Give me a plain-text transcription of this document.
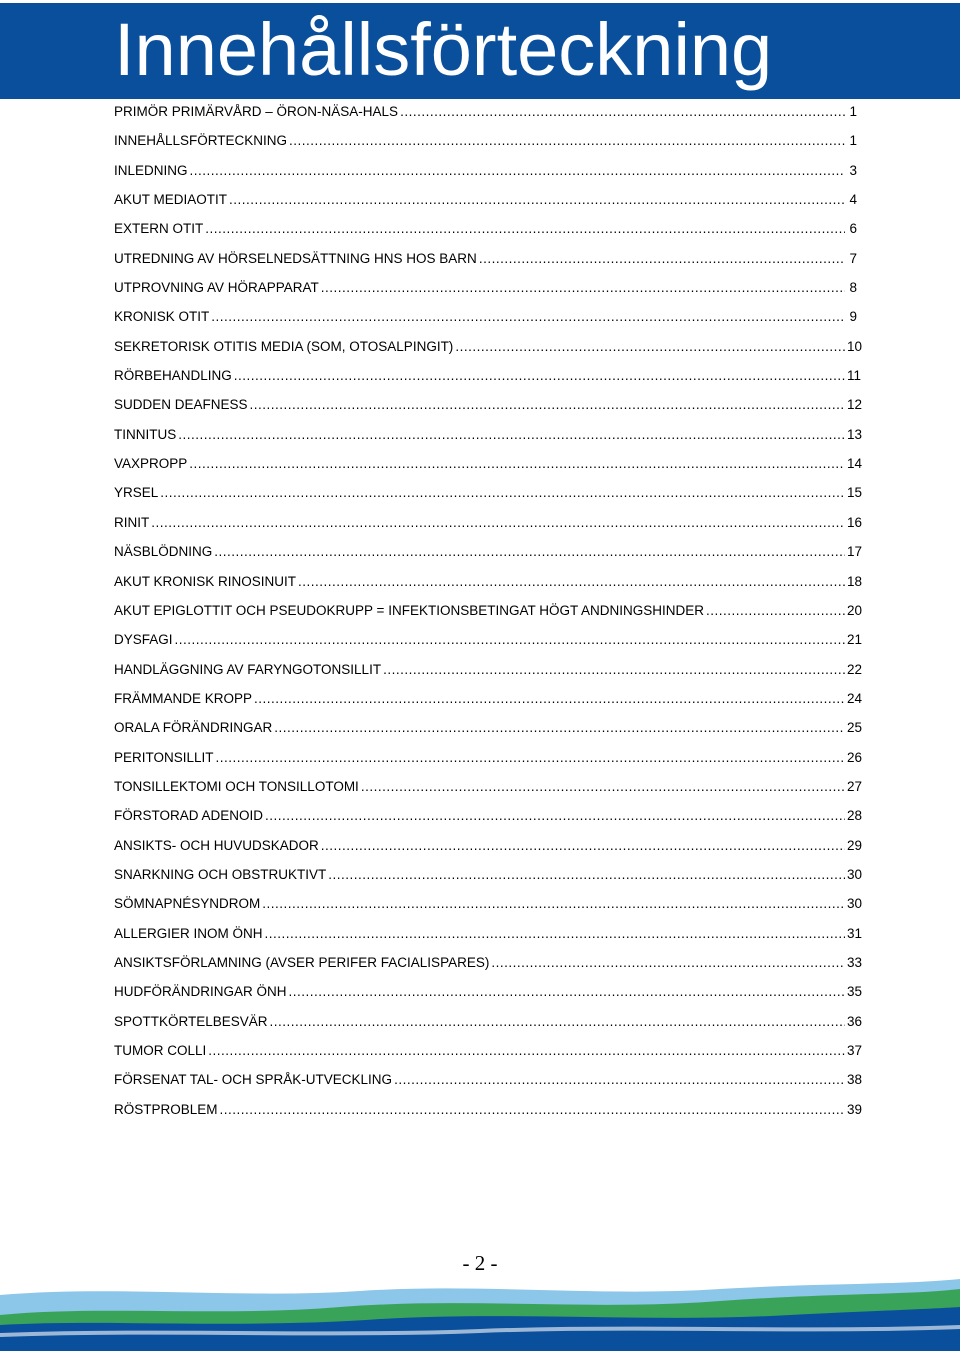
Innehållsförteckning
PRIMÖR PRIMÄRVÅRD – ÖRON-NÄSA-HALS .....	1
INNEHÅLLSFÖRTECKNING .....	1
INLEDNING .....	3
AKUT MEDIAOTIT .....	4
EXTERN OTIT .....	6
UTREDNING AV HÖRSELNEDSÄTTNING HNS HOS BARN .....	7
UTPROVNING AV HÖRAPPARAT .....	8
KRONISK OTIT .....	9
SEKRETORISK OTITIS MEDIA (SOM, OTOSALPINGIT) .....	10
RÖRBEHANDLING .....	11
SUDDEN DEAFNESS .....	12
TINNITUS .....	13
VAXPROPP .....	14
YRSEL .....	15
RINIT .....	16
NÄSBLÖDNING .....	17
AKUT KRONISK RINOSINUIT .....	18
AKUT EPIGLOTTIT OCH PSEUDOKRUPP = INFEKTIONSBETINGAT HÖGT ANDNINGSHINDER .....	20
DYSFAGI .....	21
HANDLÄGGNING AV FARYNGOTONSILLIT .....	22
FRÄMMANDE KROPP .....	24
ORALA FÖRÄNDRINGAR .....	25
PERITONSILLIT .....	26
TONSILLEKTOMI OCH TONSILLOTOMI .....	27
FÖRSTORAD ADENOID .....	28
ANSIKTS- OCH HUVUDSKADOR .....	29
SNARKNING OCH OBSTRUKTIVT .....	30
SÖMNAPNÉSYNDROM .....	30
ALLERGIER INOM ÖNH .....	31
ANSIKTSFÖRLAMNING (AVSER PERIFER FACIALISPARES) .....	33
HUDFÖRÄNDRINGAR ÖNH .....	35
SPOTTKÖRTELBESVÄR .....	36
TUMOR COLLI .....	37
FÖRSENAT TAL- OCH SPRÅK-UTVECKLING .....	38
RÖSTPROBLEM .....	39
- 2 -
